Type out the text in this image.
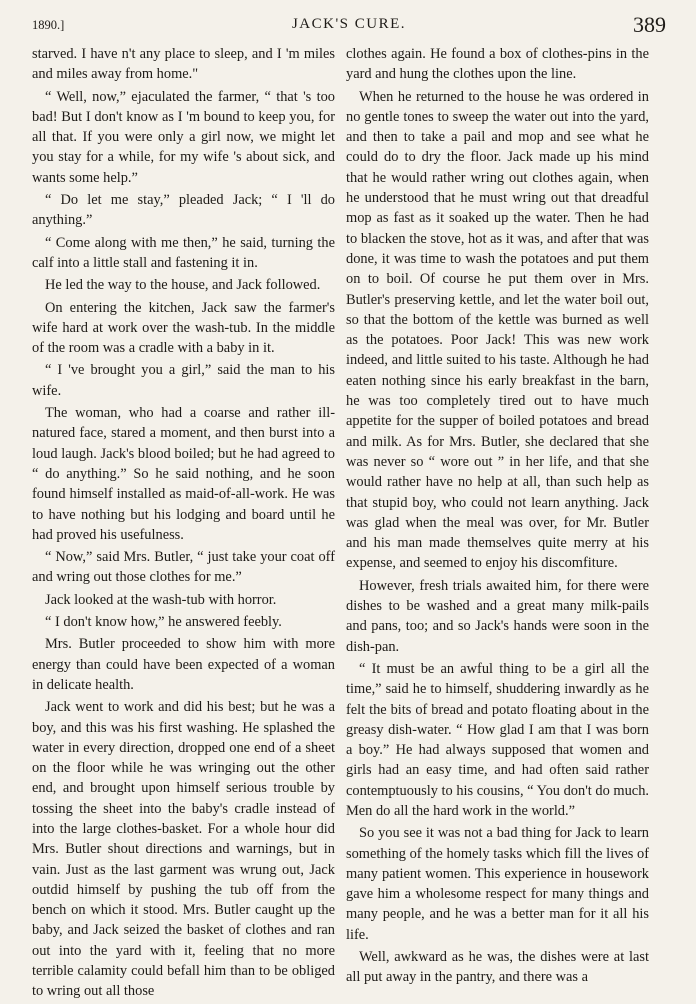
1890.]	JACK'S CURE.	389

starved. I have n't any place to sleep, and I 'm miles and miles away from home."

“ Well, now,” ejaculated the farmer, “ that 's too bad! But I don't know as I 'm bound to keep you, for all that. If you were only a girl now, we might let you stay for a while, for my wife 's about sick, and wants some help.”

“ Do let me stay,” pleaded Jack; “ I 'll do anything.”

“ Come along with me then,” he said, turning the calf into a little stall and fastening it in.

He led the way to the house, and Jack followed.

On entering the kitchen, Jack saw the farmer's wife hard at work over the wash-tub. In the middle of the room was a cradle with a baby in it.

“ I 've brought you a girl,” said the man to his wife.

The woman, who had a coarse and rather ill-natured face, stared a moment, and then burst into a loud laugh. Jack's blood boiled; but he had agreed to “ do anything.” So he said nothing, and he soon found himself installed as maid-of-all-work. He was to have nothing but his lodging and board until he had proved his usefulness.

“ Now,” said Mrs. Butler, “ just take your coat off and wring out those clothes for me.”

Jack looked at the wash-tub with horror.

“ I don't know how,” he answered feebly.

Mrs. Butler proceeded to show him with more energy than could have been expected of a woman in delicate health.

Jack went to work and did his best; but he was a boy, and this was his first washing. He splashed the water in every direction, dropped one end of a sheet on the floor while he was wringing out the other end, and brought upon himself serious trouble by tossing the sheet into the baby's cradle instead of into the large clothes-basket. For a whole hour did Mrs. Butler shout directions and warnings, but in vain. Just as the last garment was wrung out, Jack outdid himself by pushing the tub off from the bench on which it stood. Mrs. Butler caught up the baby, and Jack seized the basket of clothes and ran out into the yard with it, feeling that no more terrible calamity could befall him than to be obliged to wring out all those

clothes again. He found a box of clothes-pins in the yard and hung the clothes upon the line.

When he returned to the house he was ordered in no gentle tones to sweep the water out into the yard, and then to take a pail and mop and see what he could do to dry the floor. Jack made up his mind that he would rather wring out clothes again, when he understood that he must wring out that dreadful mop as fast as it soaked up the water. Then he had to blacken the stove, hot as it was, and after that was done, it was time to wash the potatoes and put them on to boil. Of course he put them over in Mrs. Butler's preserving kettle, and let the water boil out, so that the bottom of the kettle was burned as well as the potatoes. Poor Jack! This was new work indeed, and little suited to his taste. Although he had eaten nothing since his early breakfast in the barn, he was too completely tired out to have much appetite for the supper of boiled potatoes and bread and milk. As for Mrs. Butler, she declared that she was never so “ wore out ” in her life, and that she would rather have no help at all, than such help as that stupid boy, who could not learn anything. Jack was glad when the meal was over, for Mr. Butler and his man made themselves quite merry at his expense, and seemed to enjoy his discomfiture.

However, fresh trials awaited him, for there were dishes to be washed and a great many milk-pails and pans, too; and so Jack's hands were soon in the dish-pan.

“ It must be an awful thing to be a girl all the time,” said he to himself, shuddering inwardly as he felt the bits of bread and potato floating about in the greasy dish-water. “ How glad I am that I was born a boy.” He had always supposed that women and girls had an easy time, and had often said rather contemptuously to his cousins, “ You don't do much. Men do all the hard work in the world.”

So you see it was not a bad thing for Jack to learn something of the homely tasks which fill the lives of many patient women. This experience in housework gave him a wholesome respect for many things and many people, and he was a better man for it all his life.

Well, awkward as he was, the dishes were at last all put away in the pantry, and there was a
